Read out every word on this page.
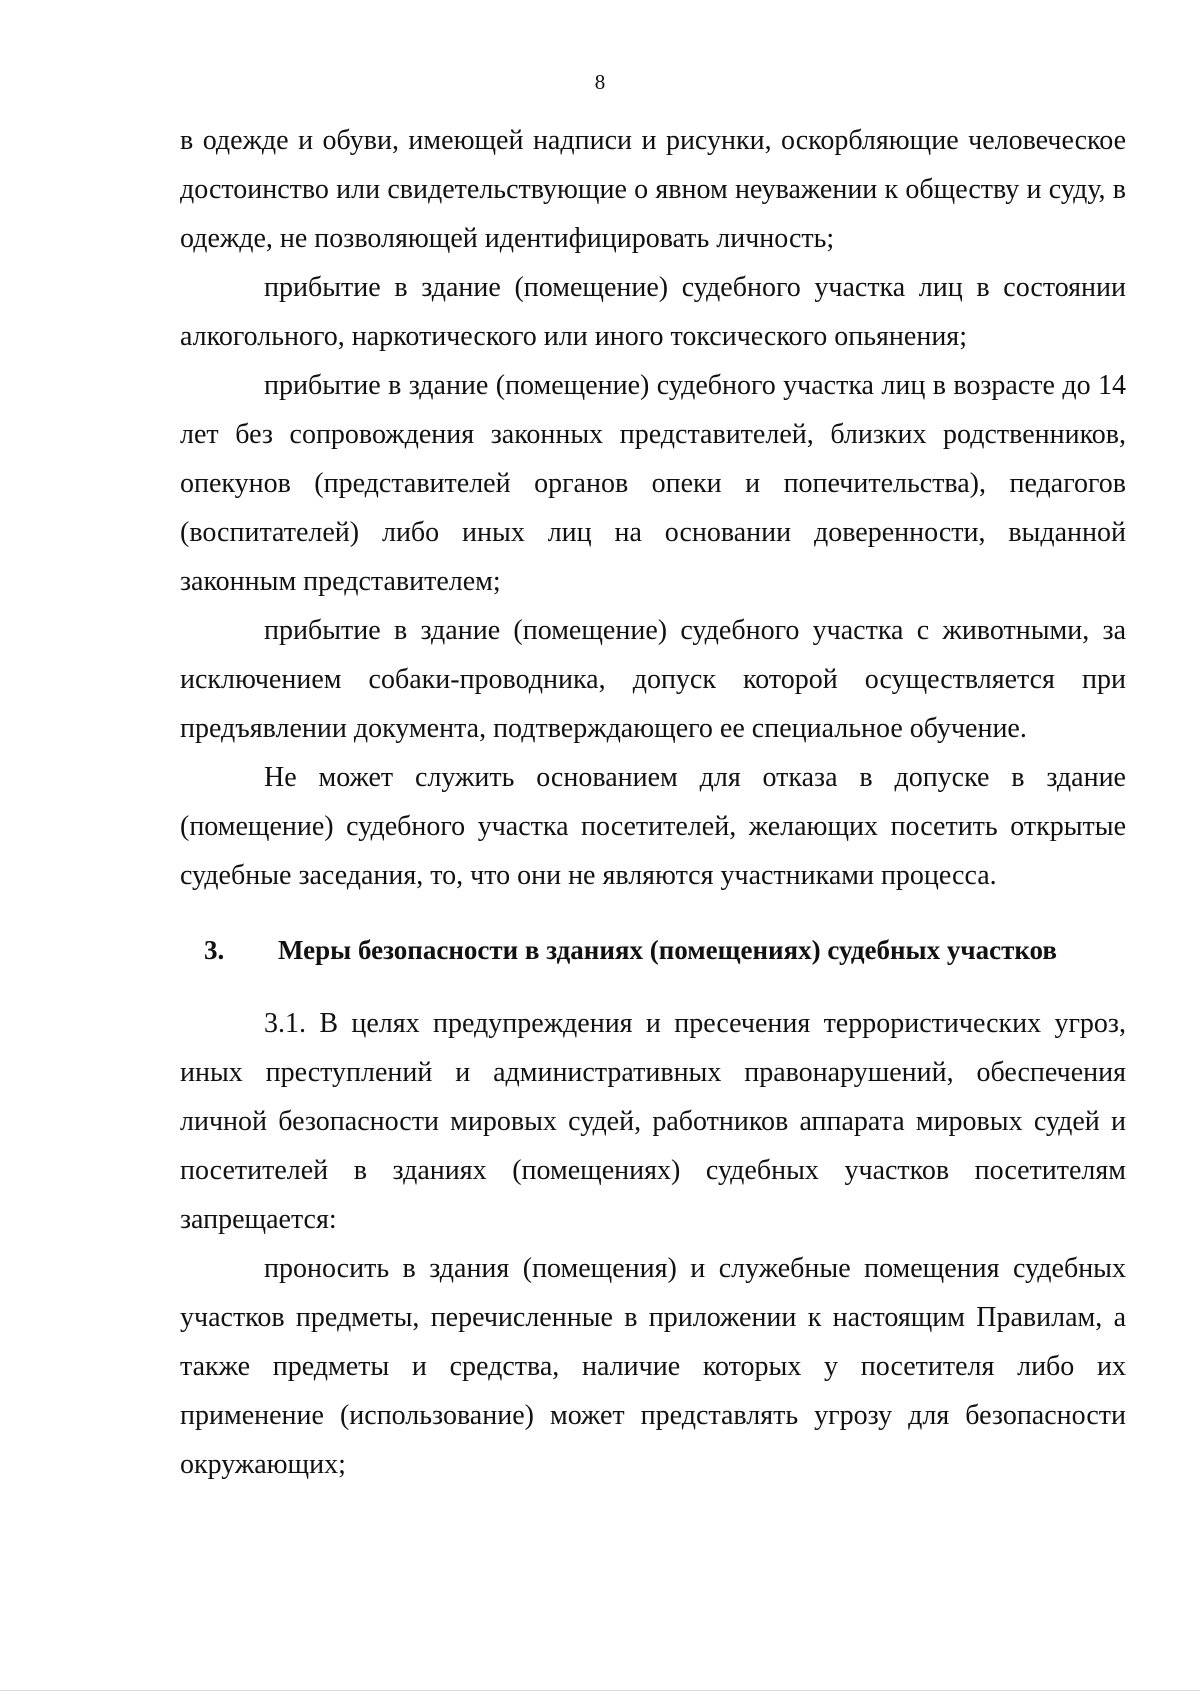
8

в одежде и обуви, имеющей надписи и рисунки, оскорбляющие человеческое достоинство или свидетельствующие о явном неуважении к обществу и суду, в одежде, не позволяющей идентифицировать личность;

прибытие в здание (помещение) судебного участка лиц в состоянии алкогольного, наркотического или иного токсического опьянения;

прибытие в здание (помещение) судебного участка лиц в возрасте до 14 лет без сопровождения законных представителей, близких родственников, опекунов (представителей органов опеки и попечительства), педагогов (воспитателей) либо иных лиц на основании доверенности, выданной законным представителем;

прибытие в здание (помещение) судебного участка с животными, за исключением собаки-проводника, допуск которой осуществляется при предъявлении документа, подтверждающего ее специальное обучение.

Не может служить основанием для отказа в допуске в здание (помещение) судебного участка посетителей, желающих посетить открытые судебные заседания, то, что они не являются участниками процесса.

3. Меры безопасности в зданиях (помещениях) судебных участков

3.1. В целях предупреждения и пресечения террористических угроз, иных преступлений и административных правонарушений, обеспечения личной безопасности мировых судей, работников аппарата мировых судей и посетителей в зданиях (помещениях) судебных участков посетителям запрещается:

проносить в здания (помещения) и служебные помещения судебных участков предметы, перечисленные в приложении к настоящим Правилам, а также предметы и средства, наличие которых у посетителя либо их применение (использование) может представлять угрозу для безопасности окружающих;
